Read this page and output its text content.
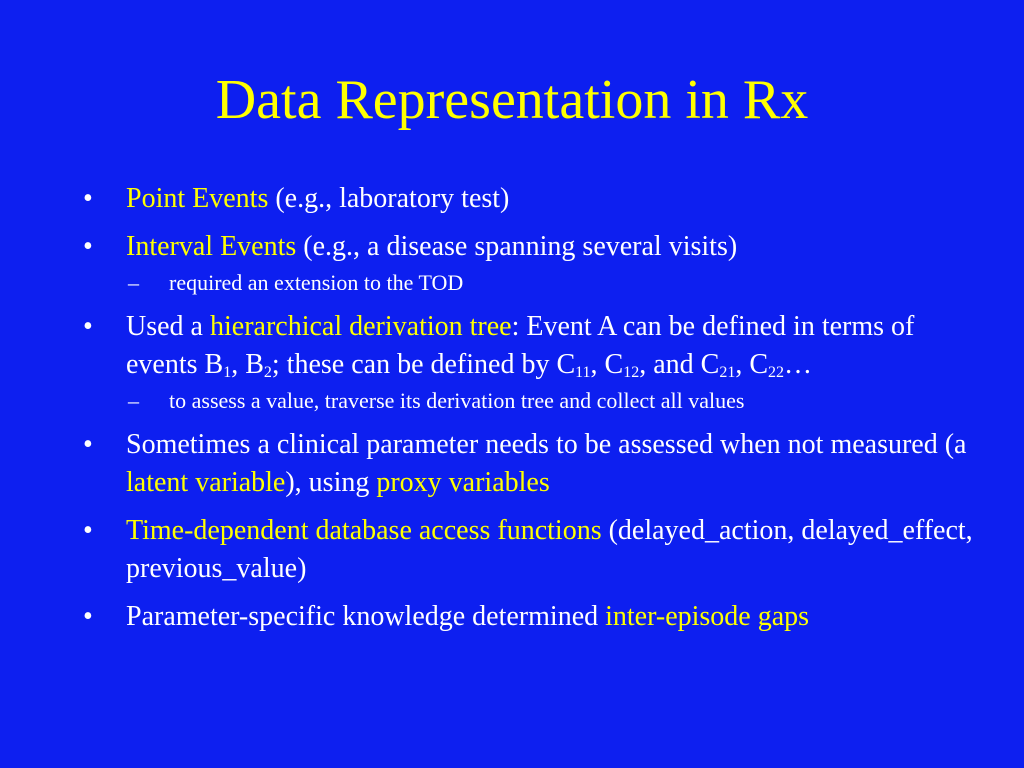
Data Representation in Rx
• Point Events (e.g., laboratory test)
• Interval Events (e.g., a disease spanning several visits)
– required an extension to the TOD
• Used a hierarchical derivation tree: Event A can be defined in terms of events $B_1$, $B_2$; these can be defined by $C_{11}$, $C_{12}$, and $C_{21}$, $C_{22}\dots$
– to assess a value, traverse its derivation tree and collect all values
• Sometimes a clinical parameter needs to be assessed when not measured (a latent variable), using proxy variables
• Time-dependent database access functions (delayed_action, delayed_effect, previous_value)
• Parameter-specific knowledge determined inter-episode gaps
